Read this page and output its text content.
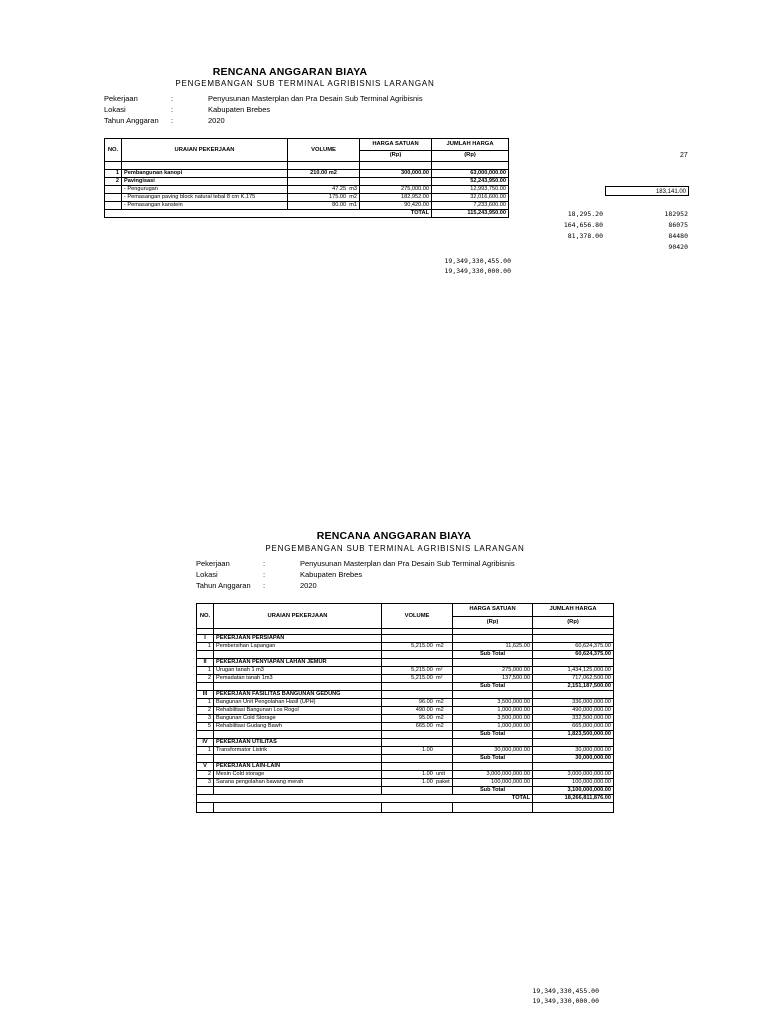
RENCANA ANGGARAN BIAYA
PENGEMBANGAN SUB TERMINAL AGRIBISNIS LARANGAN
Pekerjaan	:	Penyusunan Masterplan dan Pra Desain Sub Terminal Agribisnis
Lokasi	:	Kabupaten Brebes
Tahun Anggaran :	2020
NO.	URAIAN PEKERJAAN	VOLUME	HARGA SATUAN	JUMLAH HARGA
			(Rp)	(Rp)

1	Pembangunan kanopi	210.00 m2	300,000.00	63,000,000.00
2	Pavingisasi			52,243,950.00
	- Pengurugan	47.25 m3	275,000.00	12,993,750.00
	- Pemasangan paving block natural tebal 8 cm K.175	175.00 m2	182,952.00	32,016,600.00
	- Pemasangan kanstein	80.00 m1	90,420.00	7,233,600.00
	TOTAL			115,243,950.00
19,349,330,455.00
19,349,330,000.00
27
183,141.00
18,295.20
164,656.80
81,378.00
182952
86075
84480
90420
RENCANA ANGGARAN BIAYA
PENGEMBANGAN SUB TERMINAL AGRIBISNIS LARANGAN
Pekerjaan	:	Penyusunan Masterplan dan Pra Desain Sub Terminal Agribisnis
Lokasi	:	Kabupaten Brebes
Tahun Anggaran :	2020
NO.	URAIAN PEKERJAAN	VOLUME	HARGA SATUAN	JUMLAH HARGA
			(Rp)	(Rp)

I	PEKERJAAN PERSIAPAN			
1	Pembersihan Lapangan	5,215.00 m2	11,625.00	60,624,375.00
			Sub Total	60,624,375.00
II	PEKERJAAN PENYIAPAN LAHAN JEMUR			
1	Urugan tanah 1 m3	5,215.00 m²	275,000.00	1,434,125,000.00
2	Pemadatan tanah 1m3	5,215.00 m²	137,500.00	717,062,500.00
			Sub Total	2,151,187,500.00
III	PEKERJAAN FASILITAS BANGUNAN GEDUNG			
1	Bangunan Unit Pengolahan Hasil (UPH)	96.00 m2	3,500,000.00	336,000,000.00
2	Rehabilitasi Bangunan Los Rogol	490.00 m2	1,000,000.00	490,000,000.00
3	Bangunan Cold Storage	95.00 m2	3,500,000.00	332,500,000.00
5	Rehabilitasi Gudang Bawh	665.00 m2	1,000,000.00	665,000,000.00
			Sub Total	1,823,500,000.00
IV	PEKERJAAN UTILITAS			
1	Transformator Listrik	1.00	30,000,000.00	30,000,000.00
			Sub Total	30,000,000.00
V	PEKERJAAN LAIN-LAIN			
2	Mesin Cold storage	1.00 unit	3,000,000,000.00	3,000,000,000.00
3	Sarana pengolahan bawang merah	1.00 paket	100,000,000.00	100,000,000.00
			Sub Total	3,100,000,000.00
	TOTAL			18,266,811,876.00

19,349,330,455.00
19,349,330,000.00
